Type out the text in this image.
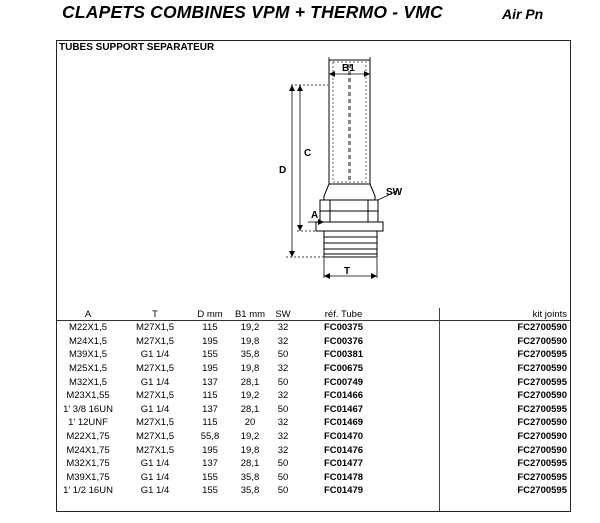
CLAPETS COMBINES VPM + THERMO - VMC	Air Pn
TUBES SUPPORT SEPARATEUR
B1
D
C
SW
A
T
A	T	D mm	B1 mm	SW	réf. Tube	kit joints
M22X1,5	M27X1,5	115	19,2	32	FC00375	FC2700590
M24X1,5	M27X1,5	195	19,8	32	FC00376	FC2700590
M39X1,5	G1 1/4	155	35,8	50	FC00381	FC2700595
M25X1,5	M27X1,5	195	19,8	32	FC00675	FC2700590
M32X1,5	G1 1/4	137	28,1	50	FC00749	FC2700595
M23X1,55	M27X1,5	115	19,2	32	FC01466	FC2700590
1' 3/8 16UN	G1 1/4	137	28,1	50	FC01467	FC2700595
1' 12UNF	M27X1,5	115	20	32	FC01469	FC2700590
M22X1,75	M27X1,5	55,8	19,2	32	FC01470	FC2700590
M24X1,75	M27X1,5	195	19,8	32	FC01476	FC2700590
M32X1,75	G1 1/4	137	28,1	50	FC01477	FC2700595
M39X1,75	G1 1/4	155	35,8	50	FC01478	FC2700595
1' 1/2 16UN	G1 1/4	155	35,8	50	FC01479	FC2700595
